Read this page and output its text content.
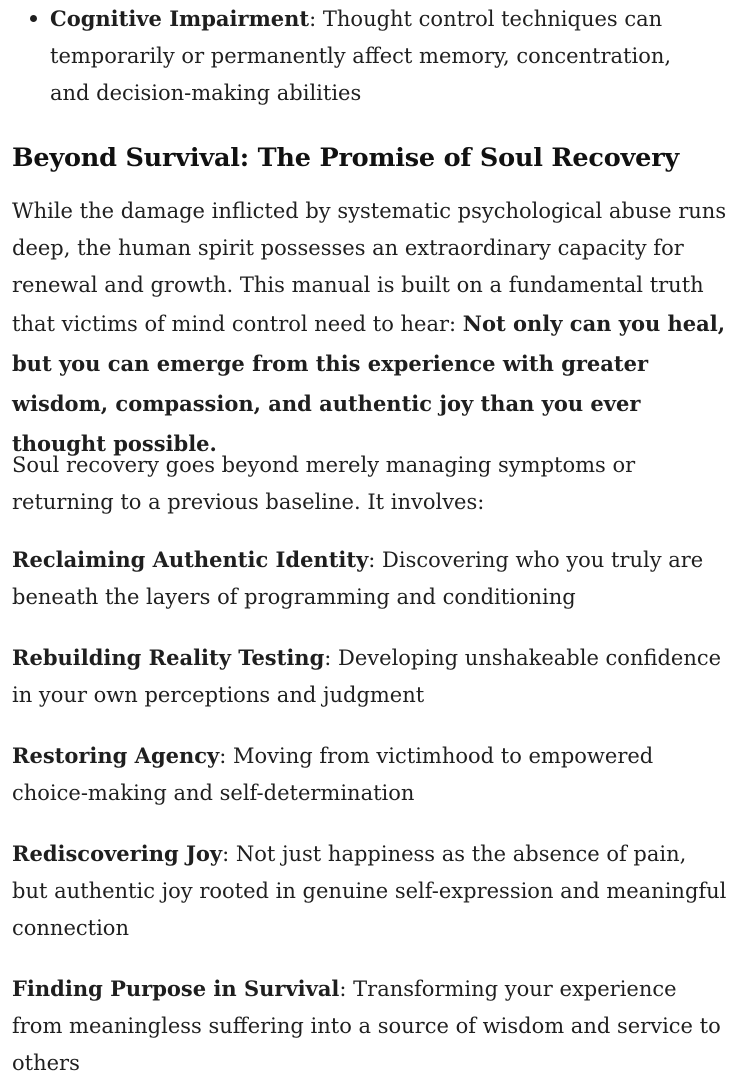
Cognitive Impairment: Thought control techniques can temporarily or permanently affect memory, concentration, and decision-making abilities
Beyond Survival: The Promise of Soul Recovery

While the damage inflicted by systematic psychological abuse runs deep, the human spirit possesses an extraordinary capacity for renewal and growth. This manual is built on a fundamental truth that victims of mind control need to hear: Not only can you heal, but you can emerge from this experience with greater wisdom, compassion, and authentic joy than you ever thought possible.

Soul recovery goes beyond merely managing symptoms or returning to a previous baseline. It involves:

Reclaiming Authentic Identity: Discovering who you truly are beneath the layers of programming and conditioning

Rebuilding Reality Testing: Developing unshakeable confidence in your own perceptions and judgment

Restoring Agency: Moving from victimhood to empowered choice-making and self-determination

Rediscovering Joy: Not just happiness as the absence of pain, but authentic joy rooted in genuine self-expression and meaningful connection

Finding Purpose in Survival: Transforming your experience from meaningless suffering into a source of wisdom and service to others
